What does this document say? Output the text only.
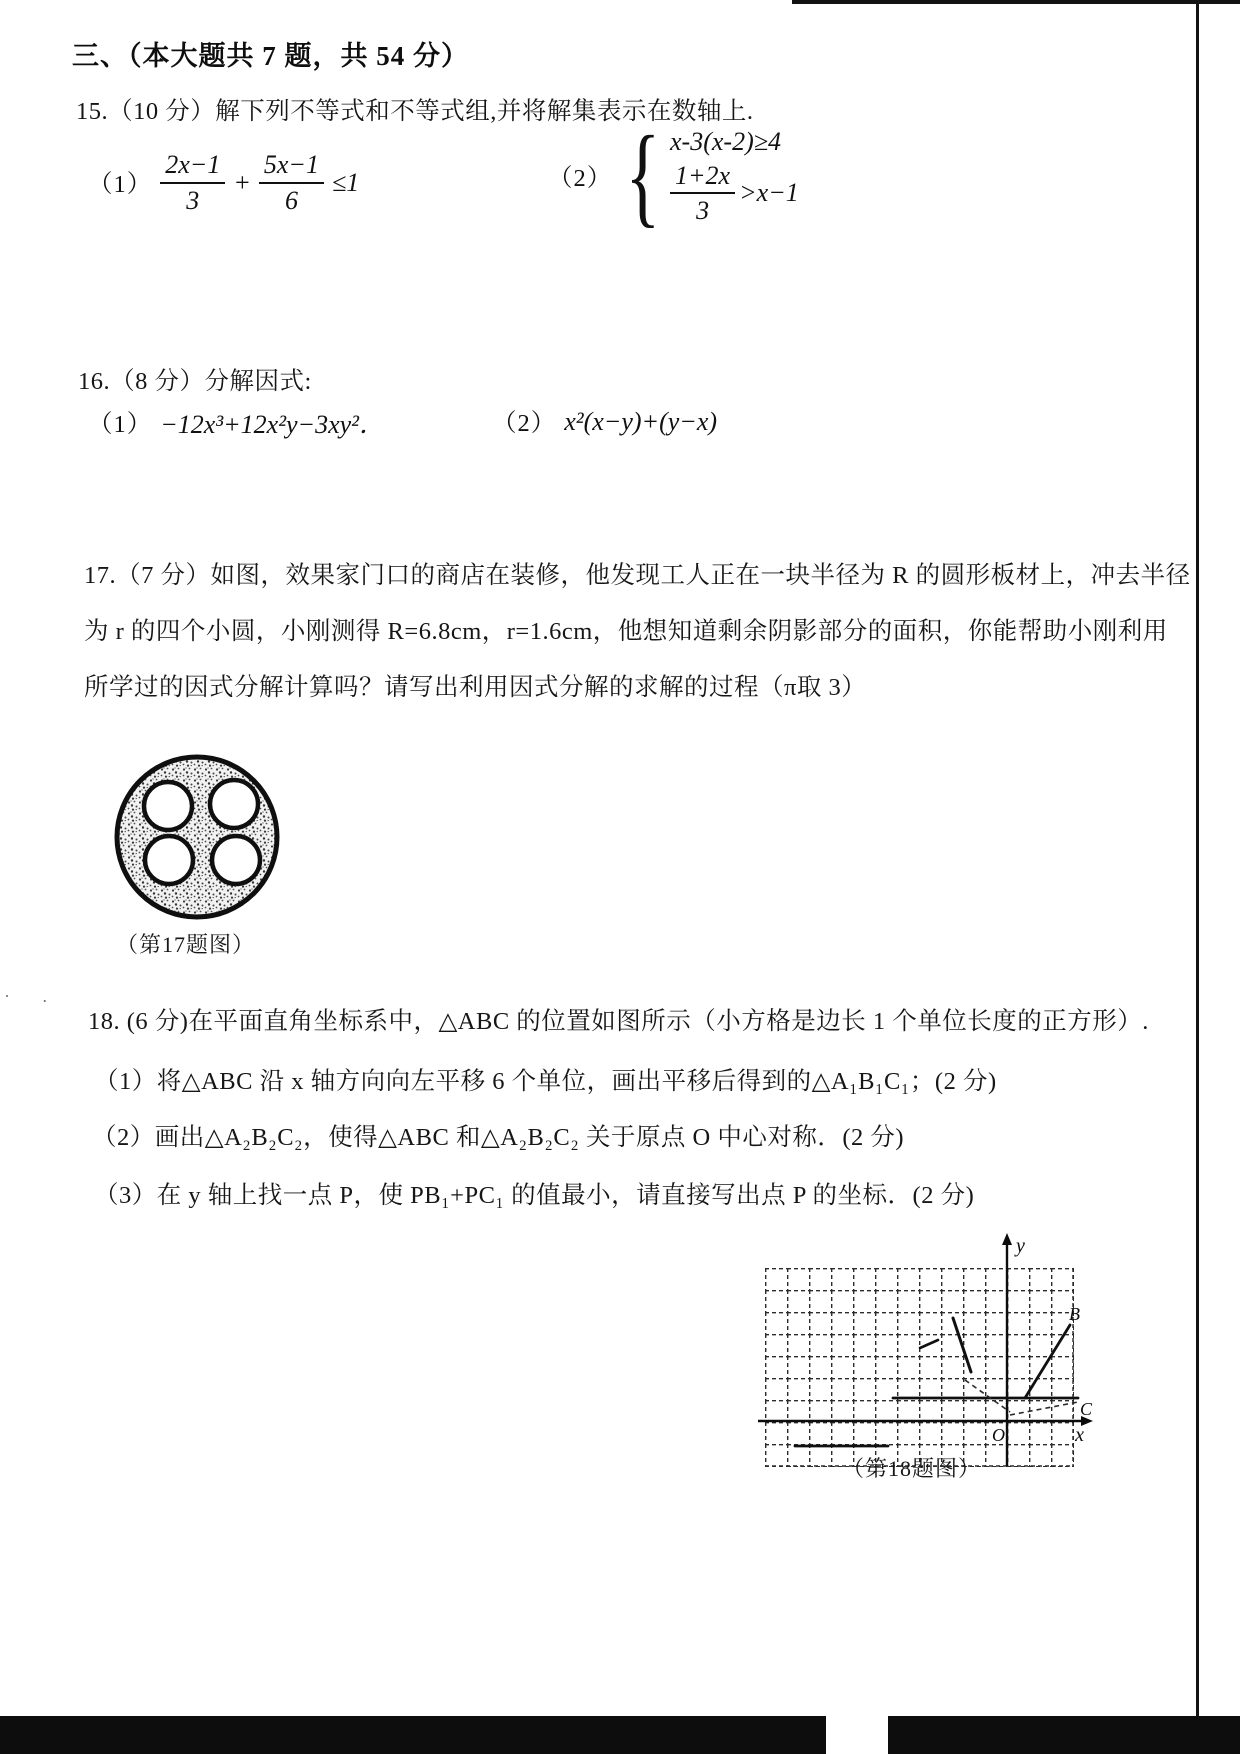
· .
三、（本大题共 7 题，共 54 分）
15.（10 分）解下列不等式和不等式组,并将解集表示在数轴上.
$(1) \frac{2x-1}{3} + \frac{5x-1}{6} \le 1$	（2） { x-3(x-2)≥4
$\frac{1+2x}{3} >x-1$
16.（8 分）分解因式:
（1） −12x³+12x²y−3xy²．	（2） x²(x−y)+(y−x)
17.（7 分）如图，效果家门口的商店在装修，他发现工人正在一块半径为 R 的圆形板材上，冲去半径
为 r 的四个小圆，小刚测得 R=6.8cm，r=1.6cm，他想知道剩余阴影部分的面积，你能帮助小刚利用
所学过的因式分解计算吗？请写出利用因式分解的求解的过程（π取 3）
（第17题图）
18. (6 分)在平面直角坐标系中，△ABC 的位置如图所示（小方格是边长 1 个单位长度的正方形）.
（1）将△ABC 沿 x 轴方向向左平移 6 个单位，画出平移后得到的△A₁B₁C₁；(2 分)
（2）画出△A₂B₂C₂，使得△ABC 和△A₂B₂C₂ 关于原点 O 中心对称．(2 分)
（3）在 y 轴上找一点 P，使 PB₁+PC₁ 的值最小，请直接写出点 P 的坐标．(2 分)
y
x
O
B
C
（第18题图）
